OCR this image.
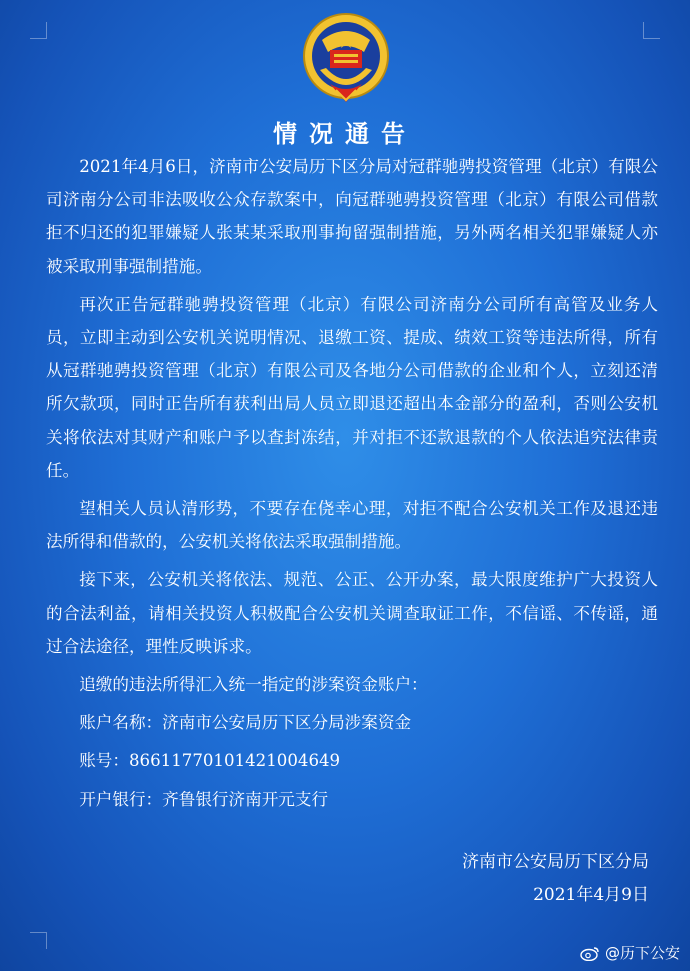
情况通告

2021年4月6日，济南市公安局历下区分局对冠群驰骋投资管理（北京）有限公司济南分公司非法吸收公众存款案中，向冠群驰骋投资管理（北京）有限公司借款拒不归还的犯罪嫌疑人张某某采取刑事拘留强制措施，另外两名相关犯罪嫌疑人亦被采取刑事强制措施。

再次正告冠群驰骋投资管理（北京）有限公司济南分公司所有高管及业务人员，立即主动到公安机关说明情况、退缴工资、提成、绩效工资等违法所得，所有从冠群驰骋投资管理（北京）有限公司及各地分公司借款的企业和个人，立刻还清所欠款项，同时正告所有获利出局人员立即退还超出本金部分的盈利，否则公安机关将依法对其财产和账户予以查封冻结，并对拒不还款退款的个人依法追究法律责任。

望相关人员认清形势，不要存在侥幸心理，对拒不配合公安机关工作及退还违法所得和借款的，公安机关将依法采取强制措施。

接下来，公安机关将依法、规范、公正、公开办案，最大限度维护广大投资人的合法利益，请相关投资人积极配合公安机关调查取证工作，不信谣、不传谣，通过合法途径，理性反映诉求。

追缴的违法所得汇入统一指定的涉案资金账户：

账户名称：济南市公安局历下区分局涉案资金

账号：8661177010142100464​9

开户银行：齐鲁银行济南开元支行

济南市公安局历下区分局
2021年4月9日
@历下公安
